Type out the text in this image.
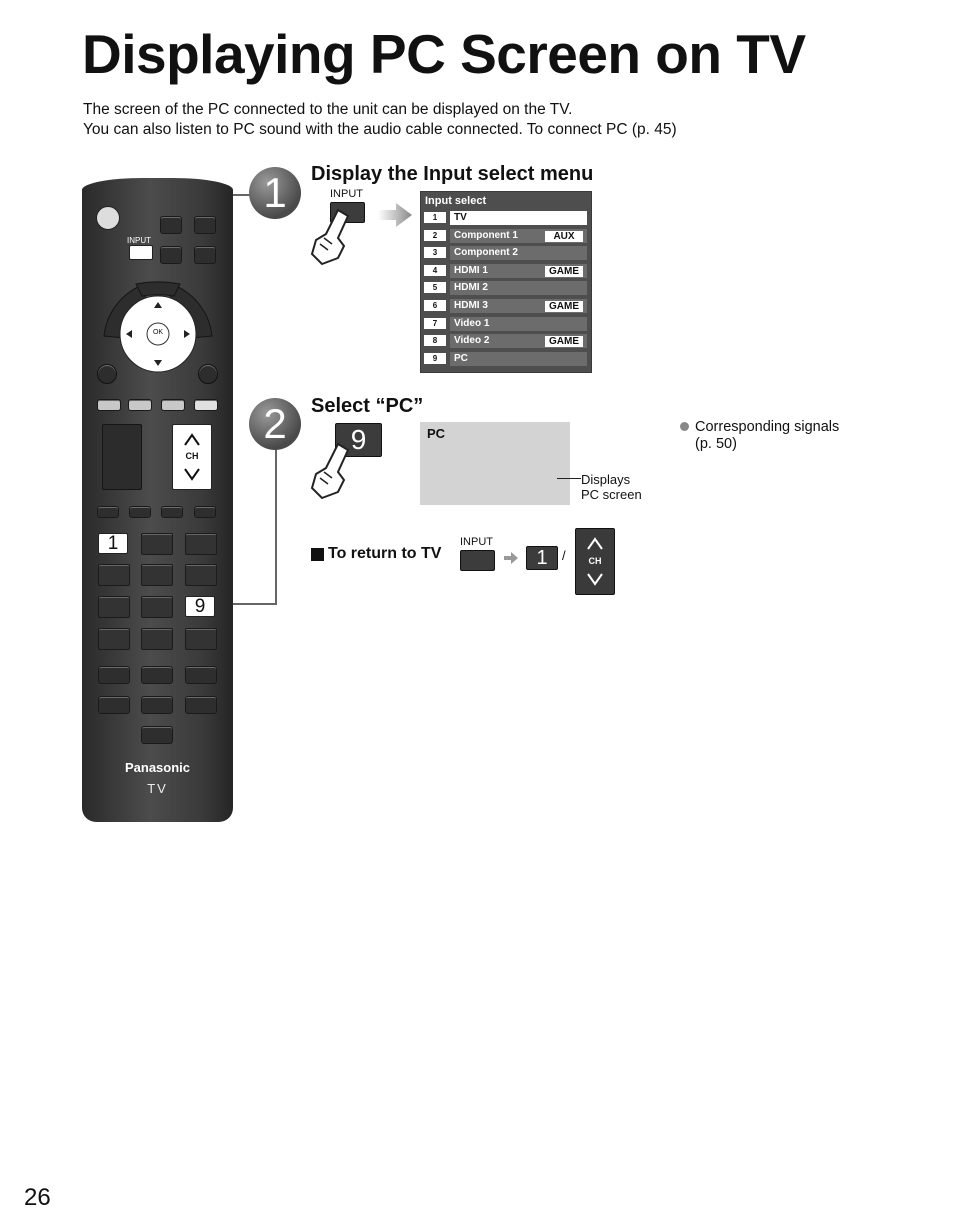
Displaying PC Screen on TV
The screen of the PC connected to the unit can be displayed on the TV.
You can also listen to PC sound with the audio cable connected. To connect PC (p. 45)
INPUT
OK
CH
1
9
Panasonic
TV
1	Display the Input select menu
INPUT
Input select
1	TV
2	Component 1	AUX
3	Component 2
4	HDMI 1	GAME
5	HDMI 2
6	HDMI 3	GAME
7	Video 1
8	Video 2	GAME
9	PC
2	Select “PC”
9	PC
Displays
PC screen
Corresponding signals
(p. 50)
To return to TV
INPUT
1	/	CH
26
